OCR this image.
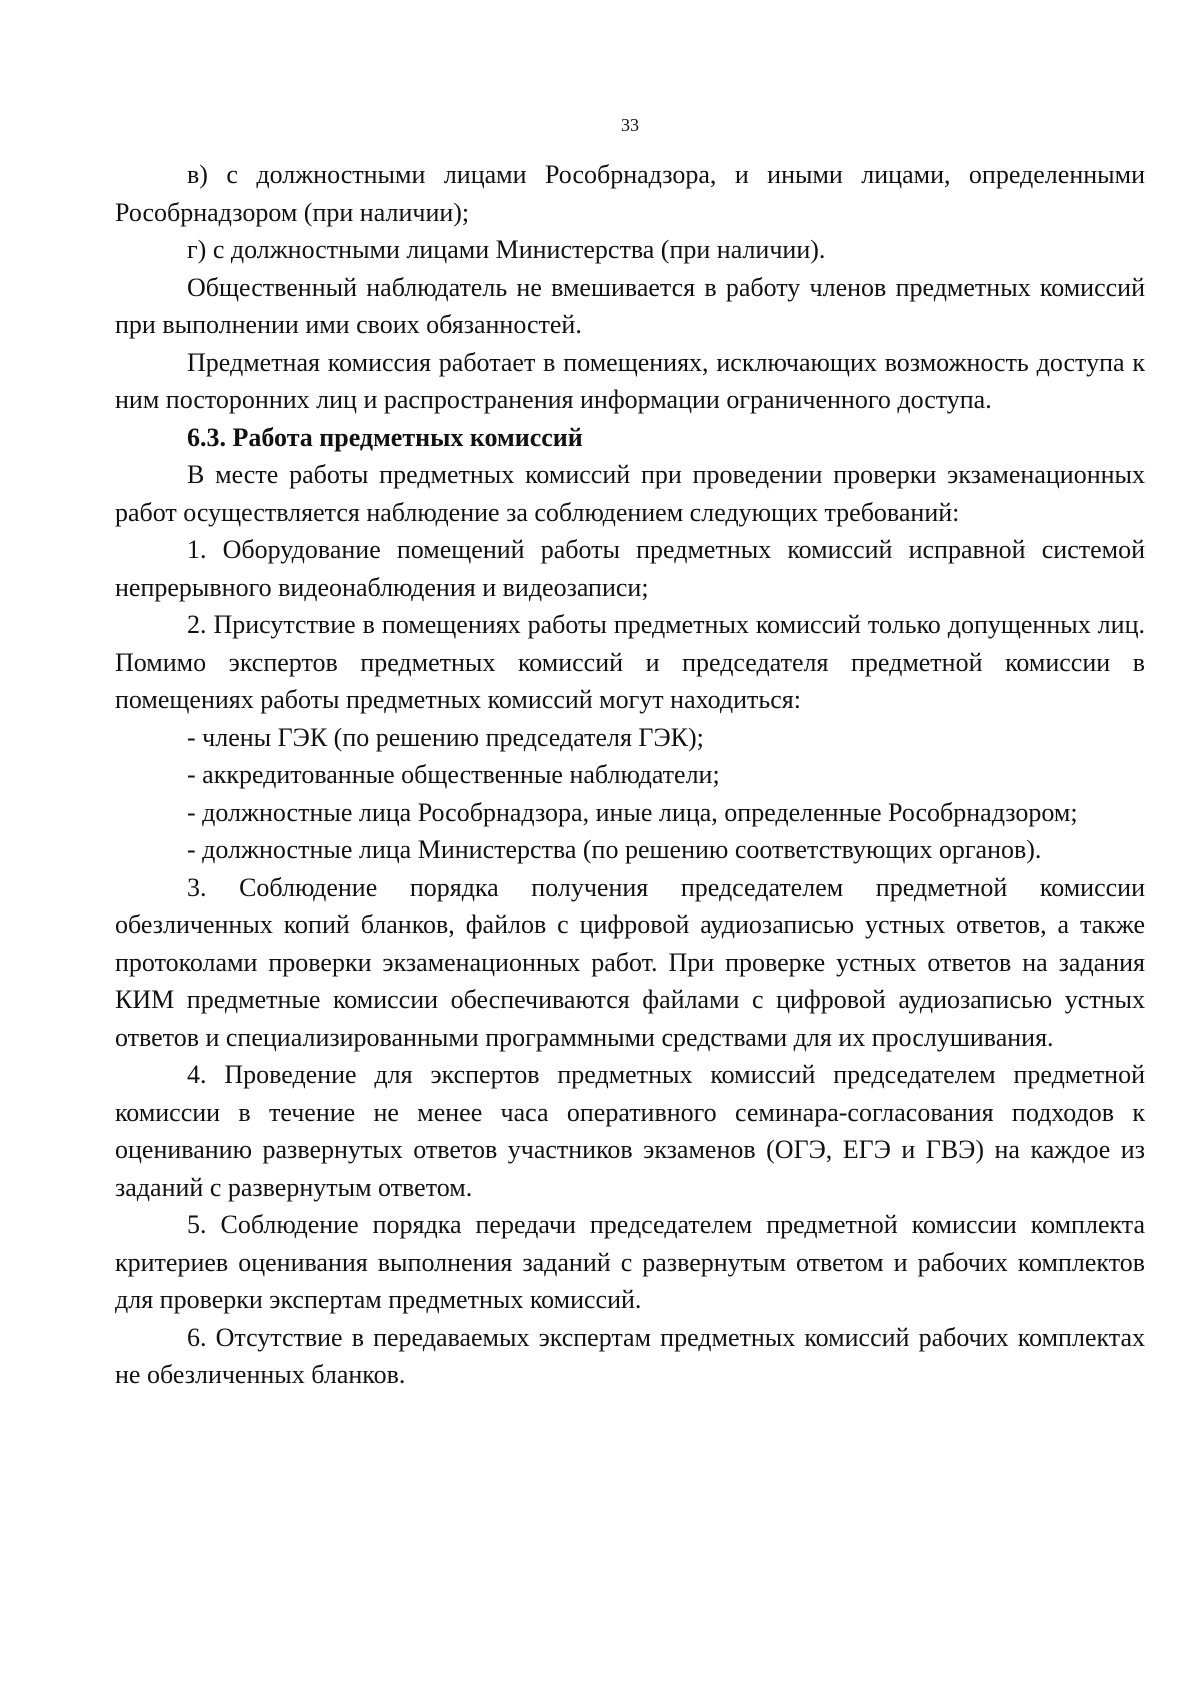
33

в) с должностными лицами Рособрнадзора, и иными лицами, определенными Рособрнадзором (при наличии);

г) с должностными лицами Министерства (при наличии).

Общественный наблюдатель не вмешивается в работу членов предметных комиссий при выполнении ими своих обязанностей.

Предметная комиссия работает в помещениях, исключающих возможность доступа к ним посторонних лиц и распространения информации ограниченного доступа.

6.3. Работа предметных комиссий

В месте работы предметных комиссий при проведении проверки экзаменационных работ осуществляется наблюдение за соблюдением следующих требований:

1. Оборудование помещений работы предметных комиссий исправной системой непрерывного видеонаблюдения и видеозаписи;

2. Присутствие в помещениях работы предметных комиссий только допущенных лиц. Помимо экспертов предметных комиссий и председателя предметной комиссии в помещениях работы предметных комиссий могут находиться:

- члены ГЭК (по решению председателя ГЭК);

- аккредитованные общественные наблюдатели;

- должностные лица Рособрнадзора, иные лица, определенные Рособрнадзором;

- должностные лица Министерства (по решению соответствующих органов).

3. Соблюдение порядка получения председателем предметной комиссии обезличенных копий бланков, файлов с цифровой аудиозаписью устных ответов, а также протоколами проверки экзаменационных работ. При проверке устных ответов на задания КИМ предметные комиссии обеспечиваются файлами с цифровой аудиозаписью устных ответов и специализированными программными средствами для их прослушивания.

4. Проведение для экспертов предметных комиссий председателем предметной комиссии в течение не менее часа оперативного семинара-согласования подходов к оцениванию развернутых ответов участников экзаменов (ОГЭ, ЕГЭ и ГВЭ) на каждое из заданий с развернутым ответом.

5. Соблюдение порядка передачи председателем предметной комиссии комплекта критериев оценивания выполнения заданий с развернутым ответом и рабочих комплектов для проверки экспертам предметных комиссий.

6. Отсутствие в передаваемых экспертам предметных комиссий рабочих комплектах не обезличенных бланков.
